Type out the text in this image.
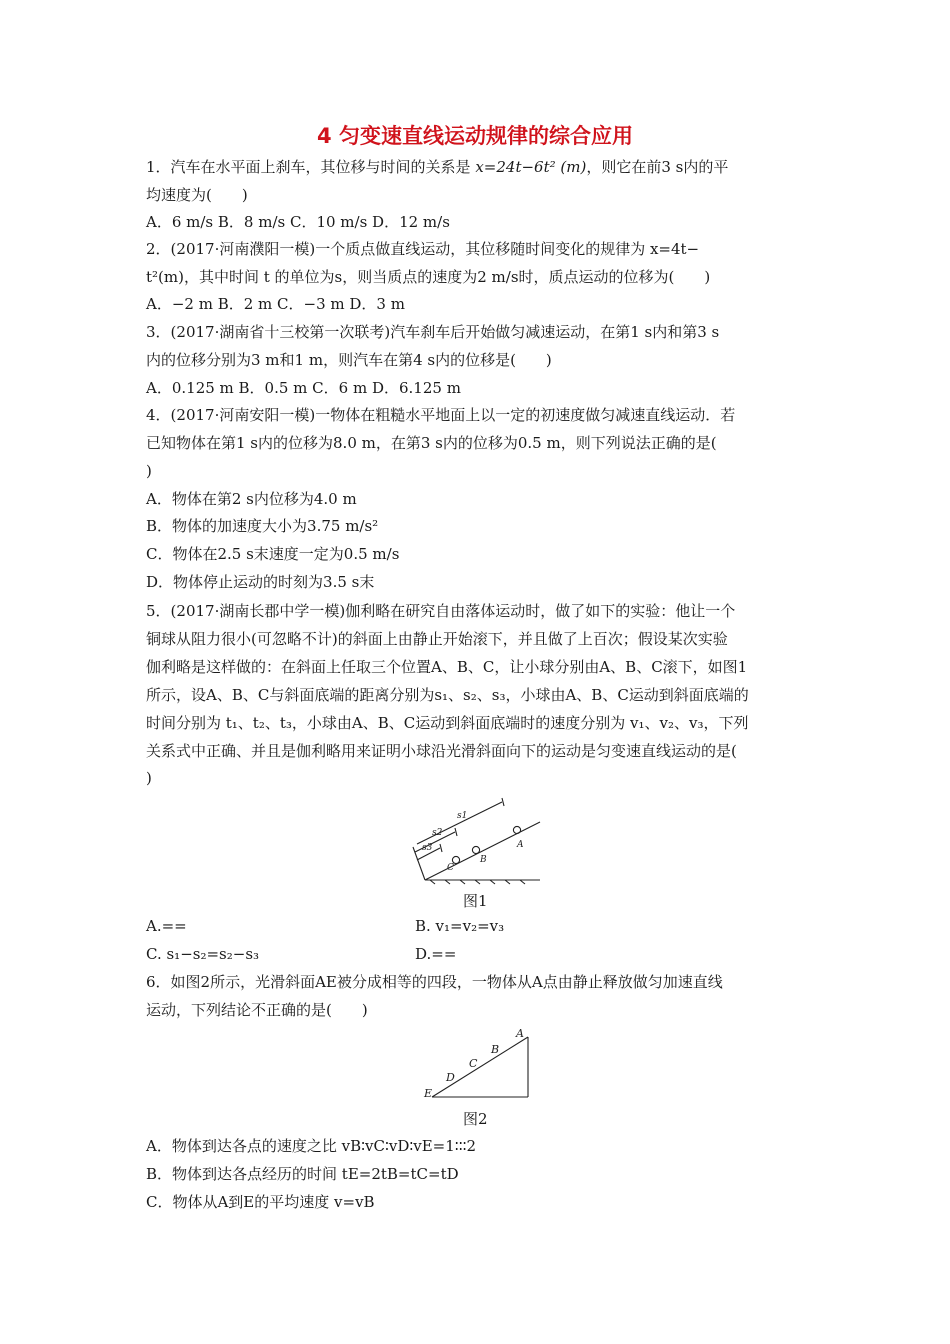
4 匀变速直线运动规律的综合应用
1．汽车在水平面上刹车，其位移与时间的关系是 x=24t−6t² (m)，则它在前3 s内的平
均速度为(　　)
A．6 m/s B．8 m/s C．10 m/s D．12 m/s
2．(2017·河南濮阳一模)一个质点做直线运动，其位移随时间变化的规律为 x=4t−
t²(m)，其中时间 t 的单位为s，则当质点的速度为2 m/s时，质点运动的位移为(　　)
A．−2 m B．2 m C．−3 m D．3 m
3．(2017·湖南省十三校第一次联考)汽车刹车后开始做匀减速运动，在第1 s内和第3 s
内的位移分别为3 m和1 m，则汽车在第4 s内的位移是(　　)
A．0.125 m B．0.5 m C．6 m D．6.125 m
4．(2017·河南安阳一模)一物体在粗糙水平地面上以一定的初速度做匀减速直线运动．若
已知物体在第1 s内的位移为8.0 m，在第3 s内的位移为0.5 m，则下列说法正确的是(
)
A．物体在第2 s内位移为4.0 m
B．物体的加速度大小为3.75 m/s²
C．物体在2.5 s末速度一定为0.5 m/s
D．物体停止运动的时刻为3.5 s末
5．(2017·湖南长郡中学一模)伽利略在研究自由落体运动时，做了如下的实验：他让一个
铜球从阻力很小(可忽略不计)的斜面上由静止开始滚下，并且做了上百次；假设某次实验
伽利略是这样做的：在斜面上任取三个位置A、B、C，让小球分别由A、B、C滚下，如图1
所示，设A、B、C与斜面底端的距离分别为s₁、s₂、s₃，小球由A、B、C运动到斜面底端的
时间分别为 t₁、t₂、t₃，小球由A、B、C运动到斜面底端时的速度分别为 v₁、v₂、v₃，下列
关系式中正确、并且是伽利略用来证明小球沿光滑斜面向下的运动是匀变速直线运动的是(
)
s1
s2
s3	A
B
C
图1
A.==	B. v₁=v₂=v₃
C. s₁−s₂=s₂−s₃	D.==
6．如图2所示，光滑斜面AE被分成相等的四段，一物体从A点由静止释放做匀加速直线
运动，下列结论不正确的是(　　)
A
B
C
D
E
图2
A．物体到达各点的速度之比 vB∶vC∶vD∶vE=1∶∶∶2
B．物体到达各点经历的时间 tE=2tB=tC=tD
C．物体从A到E的平均速度 v=vB
